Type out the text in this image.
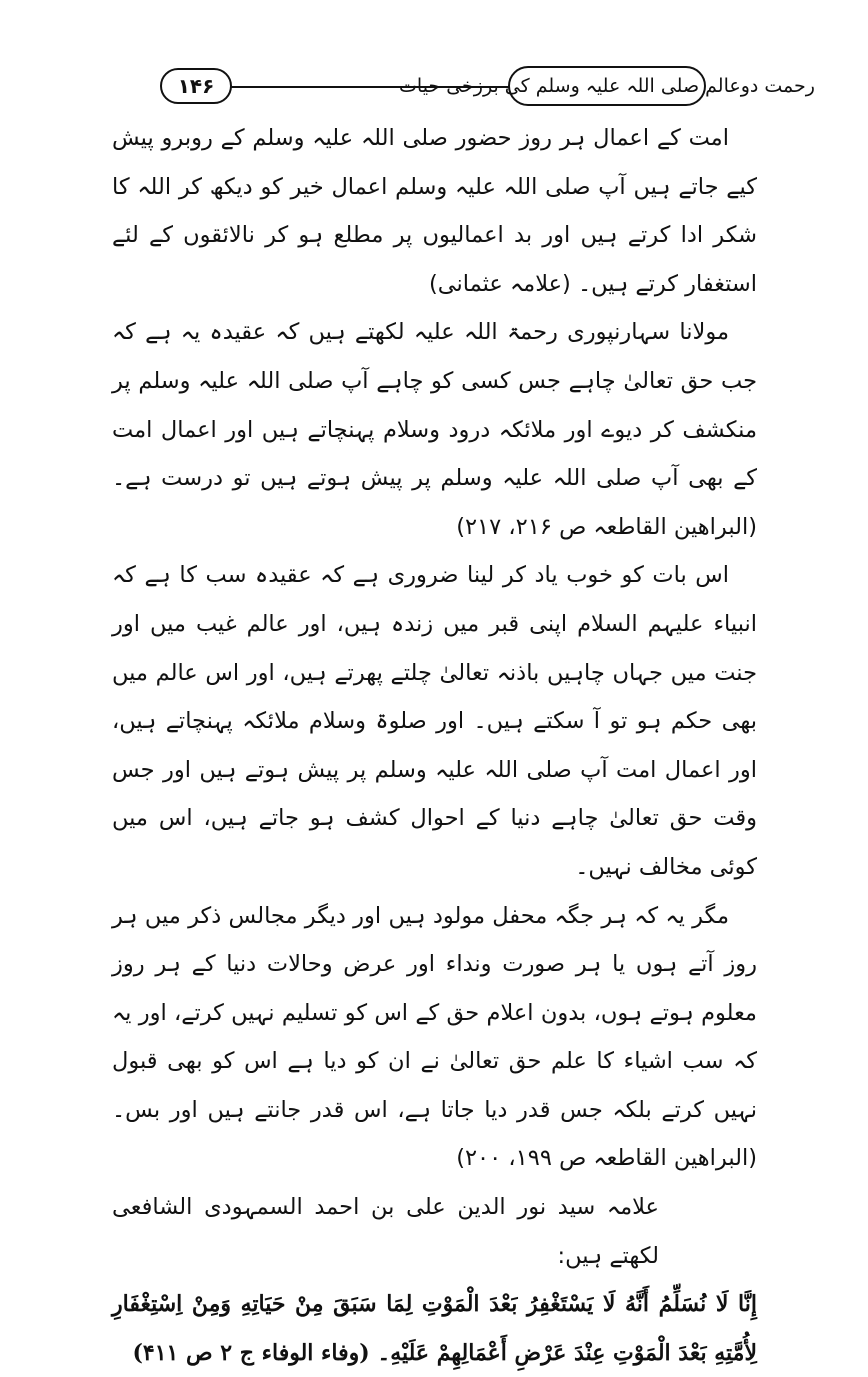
۱۴۶	رحمت دوعالم صلی اللہ علیہ وسلم کی برزخی حیات

امت کے اعمال ہر روز حضور صلی اللہ علیہ وسلم کے روبرو پیش کیے جاتے ہیں آپ صلی اللہ علیہ وسلم اعمال خیر کو دیکھ کر اللہ کا شکر ادا کرتے ہیں اور بد اعمالیوں پر مطلع ہو کر نالائقوں کے لئے استغفار کرتے ہیں۔ (علامہ عثمانی)

مولانا سہارنپوری رحمۃ اللہ علیہ لکھتے ہیں کہ عقیدہ یہ ہے کہ جب حق تعالیٰ چاہے جس کسی کو چاہے آپ صلی اللہ علیہ وسلم پر منکشف کر دیوے اور ملائکہ درود وسلام پہنچاتے ہیں اور اعمال امت کے بھی آپ صلی اللہ علیہ وسلم پر پیش ہوتے ہیں تو درست ہے۔ (البراهین القاطعہ ص ۲۱۶، ۲۱۷)

اس بات کو خوب یاد کر لینا ضروری ہے کہ عقیدہ سب کا ہے کہ انبیاء علیہم السلام اپنی قبر میں زندہ ہیں، اور عالم غیب میں اور جنت میں جہاں چاہیں باذنہ تعالیٰ چلتے پھرتے ہیں، اور اس عالم میں بھی حکم ہو تو آ سکتے ہیں۔ اور صلوۃ وسلام ملائکہ پہنچاتے ہیں، اور اعمال امت آپ صلی اللہ علیہ وسلم پر پیش ہوتے ہیں اور جس وقت حق تعالیٰ چاہے دنیا کے احوال کشف ہو جاتے ہیں، اس میں کوئی مخالف نہیں۔

مگر یہ کہ ہر جگہ محفل مولود ہیں اور دیگر مجالس ذکر میں ہر روز آتے ہوں یا ہر صورت ونداء اور عرض وحالات دنیا کے ہر روز معلوم ہوتے ہوں، بدون اعلام حق کے اس کو تسلیم نہیں کرتے، اور یہ کہ سب اشیاء کا علم حق تعالیٰ نے ان کو دیا ہے اس کو بھی قبول نہیں کرتے بلکہ جس قدر دیا جاتا ہے، اس قدر جانتے ہیں اور بس۔ (البراهین القاطعہ ص ۱۹۹، ۲۰۰)

علامہ سید نور الدین علی بن احمد السمہودی الشافعی لکھتے ہیں:

إِنَّا لَا نُسَلِّمُ أَنَّهُ لَا يَسْتَغْفِرُ بَعْدَ الْمَوْتِ لِمَا سَبَقَ مِنْ حَيَاتِهِ وَمِنْ اِسْتِغْفَارِ لِأُمَّتِهِ بَعْدَ الْمَوْتِ عِنْدَ عَرْضِ أَعْمَالِهِمْ عَلَيْهِ۔ (وفاء الوفاء ج ۲ ص ۴۱۱)
